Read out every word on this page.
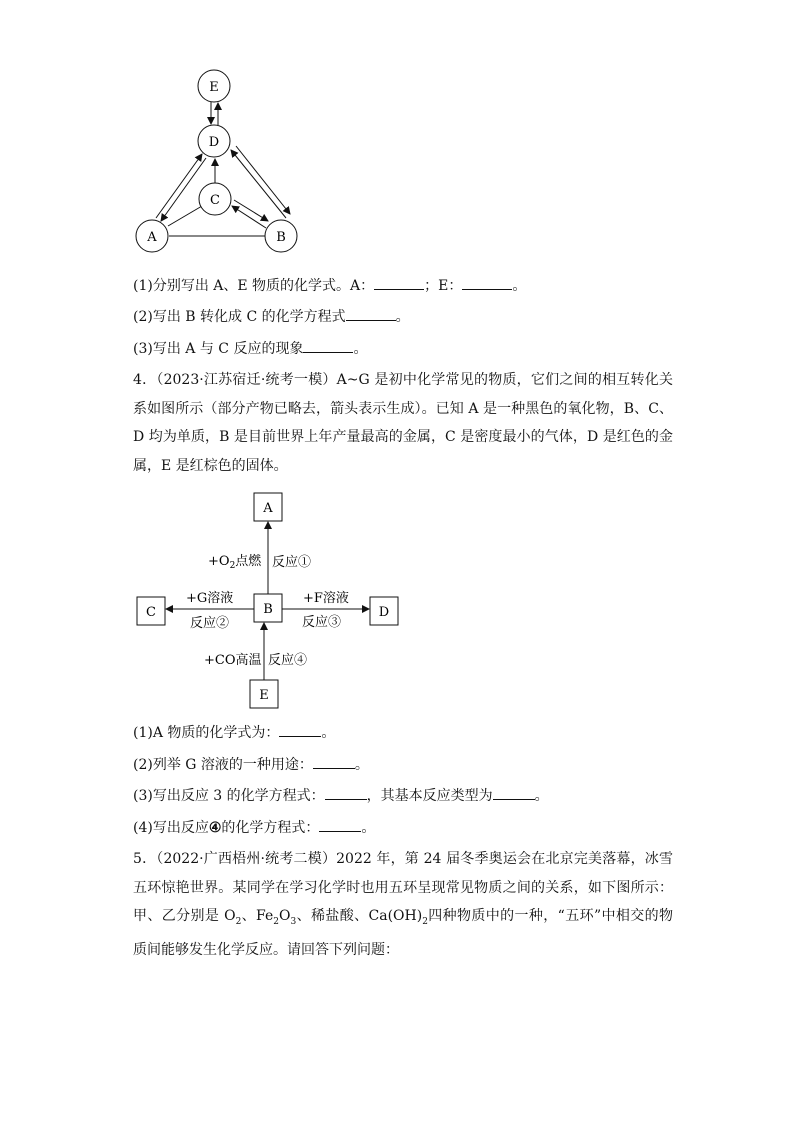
E
D
C
A	B
(1)分别写出 A、E 物质的化学式。A：	；E：	。
(2)写出 B 转化成 C 的化学方程式	。
(3)写出 A 与 C 反应的现象	。
4．（2023·江苏宿迁·统考一模）A~G 是初中化学常见的物质，它们之间的相互转化关系如图所示（部分产物已略去，箭头表示生成）。已知 A 是一种黑色的氧化物，B、C、D 均为单质，B 是目前世界上年产量最高的金属，C 是密度最小的气体，D 是红色的金属，E 是红棕色的固体。
A
B
C	D
E
$+O_2$点燃 反应①
+G溶液
反应②
+F溶液
反应③
+CO高温 反应④
(1)A 物质的化学式为：	。
(2)列举 G 溶液的一种用途：	。
(3)写出反应 3 的化学方程式：	，其基本反应类型为	。
(4)写出反应④的化学方程式：	。
5．（2022·广西梧州·统考二模）2022 年，第 24 届冬季奥运会在北京完美落幕，冰雪五环惊艳世界。某同学在学习化学时也用五环呈现常见物质之间的关系，如下图所示：甲、乙分别是 $O_2$、$Fe_2O_3$、稀盐酸、$Ca(OH)_2$四种物质中的一种，“五环”中相交的物质间能够发生化学反应。请回答下列问题：
